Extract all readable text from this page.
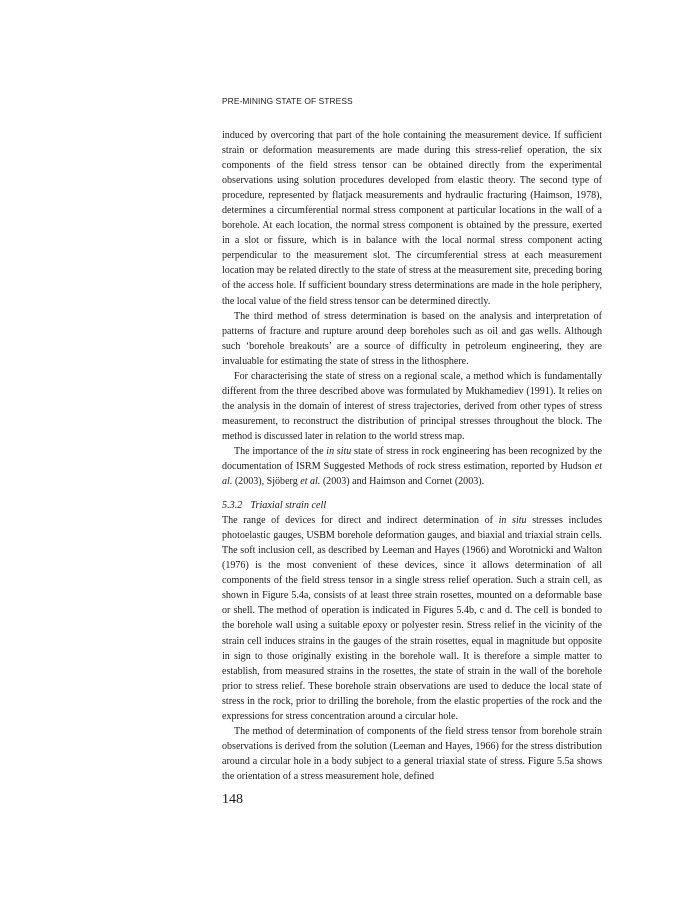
PRE-MINING STATE OF STRESS

induced by overcoring that part of the hole containing the measurement device. If sufficient strain or deformation measurements are made during this stress-relief operation, the six components of the field stress tensor can be obtained directly from the experimental observations using solution procedures developed from elastic theory. The second type of procedure, represented by flatjack measurements and hydraulic fracturing (Haimson, 1978), determines a circumferential normal stress component at particular locations in the wall of a borehole. At each location, the normal stress component is obtained by the pressure, exerted in a slot or fissure, which is in balance with the local normal stress component acting perpendicular to the measurement slot. The circumferential stress at each measurement location may be related directly to the state of stress at the measurement site, preceding boring of the access hole. If sufficient boundary stress determinations are made in the hole periphery, the local value of the field stress tensor can be determined directly.

The third method of stress determination is based on the analysis and interpretation of patterns of fracture and rupture around deep boreholes such as oil and gas wells. Although such ‘borehole breakouts’ are a source of difficulty in petroleum engineering, they are invaluable for estimating the state of stress in the lithosphere.

For characterising the state of stress on a regional scale, a method which is fundamentally different from the three described above was formulated by Mukhamediev (1991). It relies on the analysis in the domain of interest of stress trajectories, derived from other types of stress measurement, to reconstruct the distribution of principal stresses throughout the block. The method is discussed later in relation to the world stress map.

The importance of the in situ state of stress in rock engineering has been recognized by the documentation of ISRM Suggested Methods of rock stress estimation, reported by Hudson et al. (2003), Sjöberg et al. (2003) and Haimson and Cornet (2003).

5.3.2 Triaxial strain cell

The range of devices for direct and indirect determination of in situ stresses includes photoelastic gauges, USBM borehole deformation gauges, and biaxial and triaxial strain cells. The soft inclusion cell, as described by Leeman and Hayes (1966) and Worotnicki and Walton (1976) is the most convenient of these devices, since it allows determination of all components of the field stress tensor in a single stress relief operation. Such a strain cell, as shown in Figure 5.4a, consists of at least three strain rosettes, mounted on a deformable base or shell. The method of operation is indicated in Figures 5.4b, c and d. The cell is bonded to the borehole wall using a suitable epoxy or polyester resin. Stress relief in the vicinity of the strain cell induces strains in the gauges of the strain rosettes, equal in magnitude but opposite in sign to those originally existing in the borehole wall. It is therefore a simple matter to establish, from measured strains in the rosettes, the state of strain in the wall of the borehole prior to stress relief. These borehole strain observations are used to deduce the local state of stress in the rock, prior to drilling the borehole, from the elastic properties of the rock and the expressions for stress concentration around a circular hole.

The method of determination of components of the field stress tensor from borehole strain observations is derived from the solution (Leeman and Hayes, 1966) for the stress distribution around a circular hole in a body subject to a general triaxial state of stress. Figure 5.5a shows the orientation of a stress measurement hole, defined

148
